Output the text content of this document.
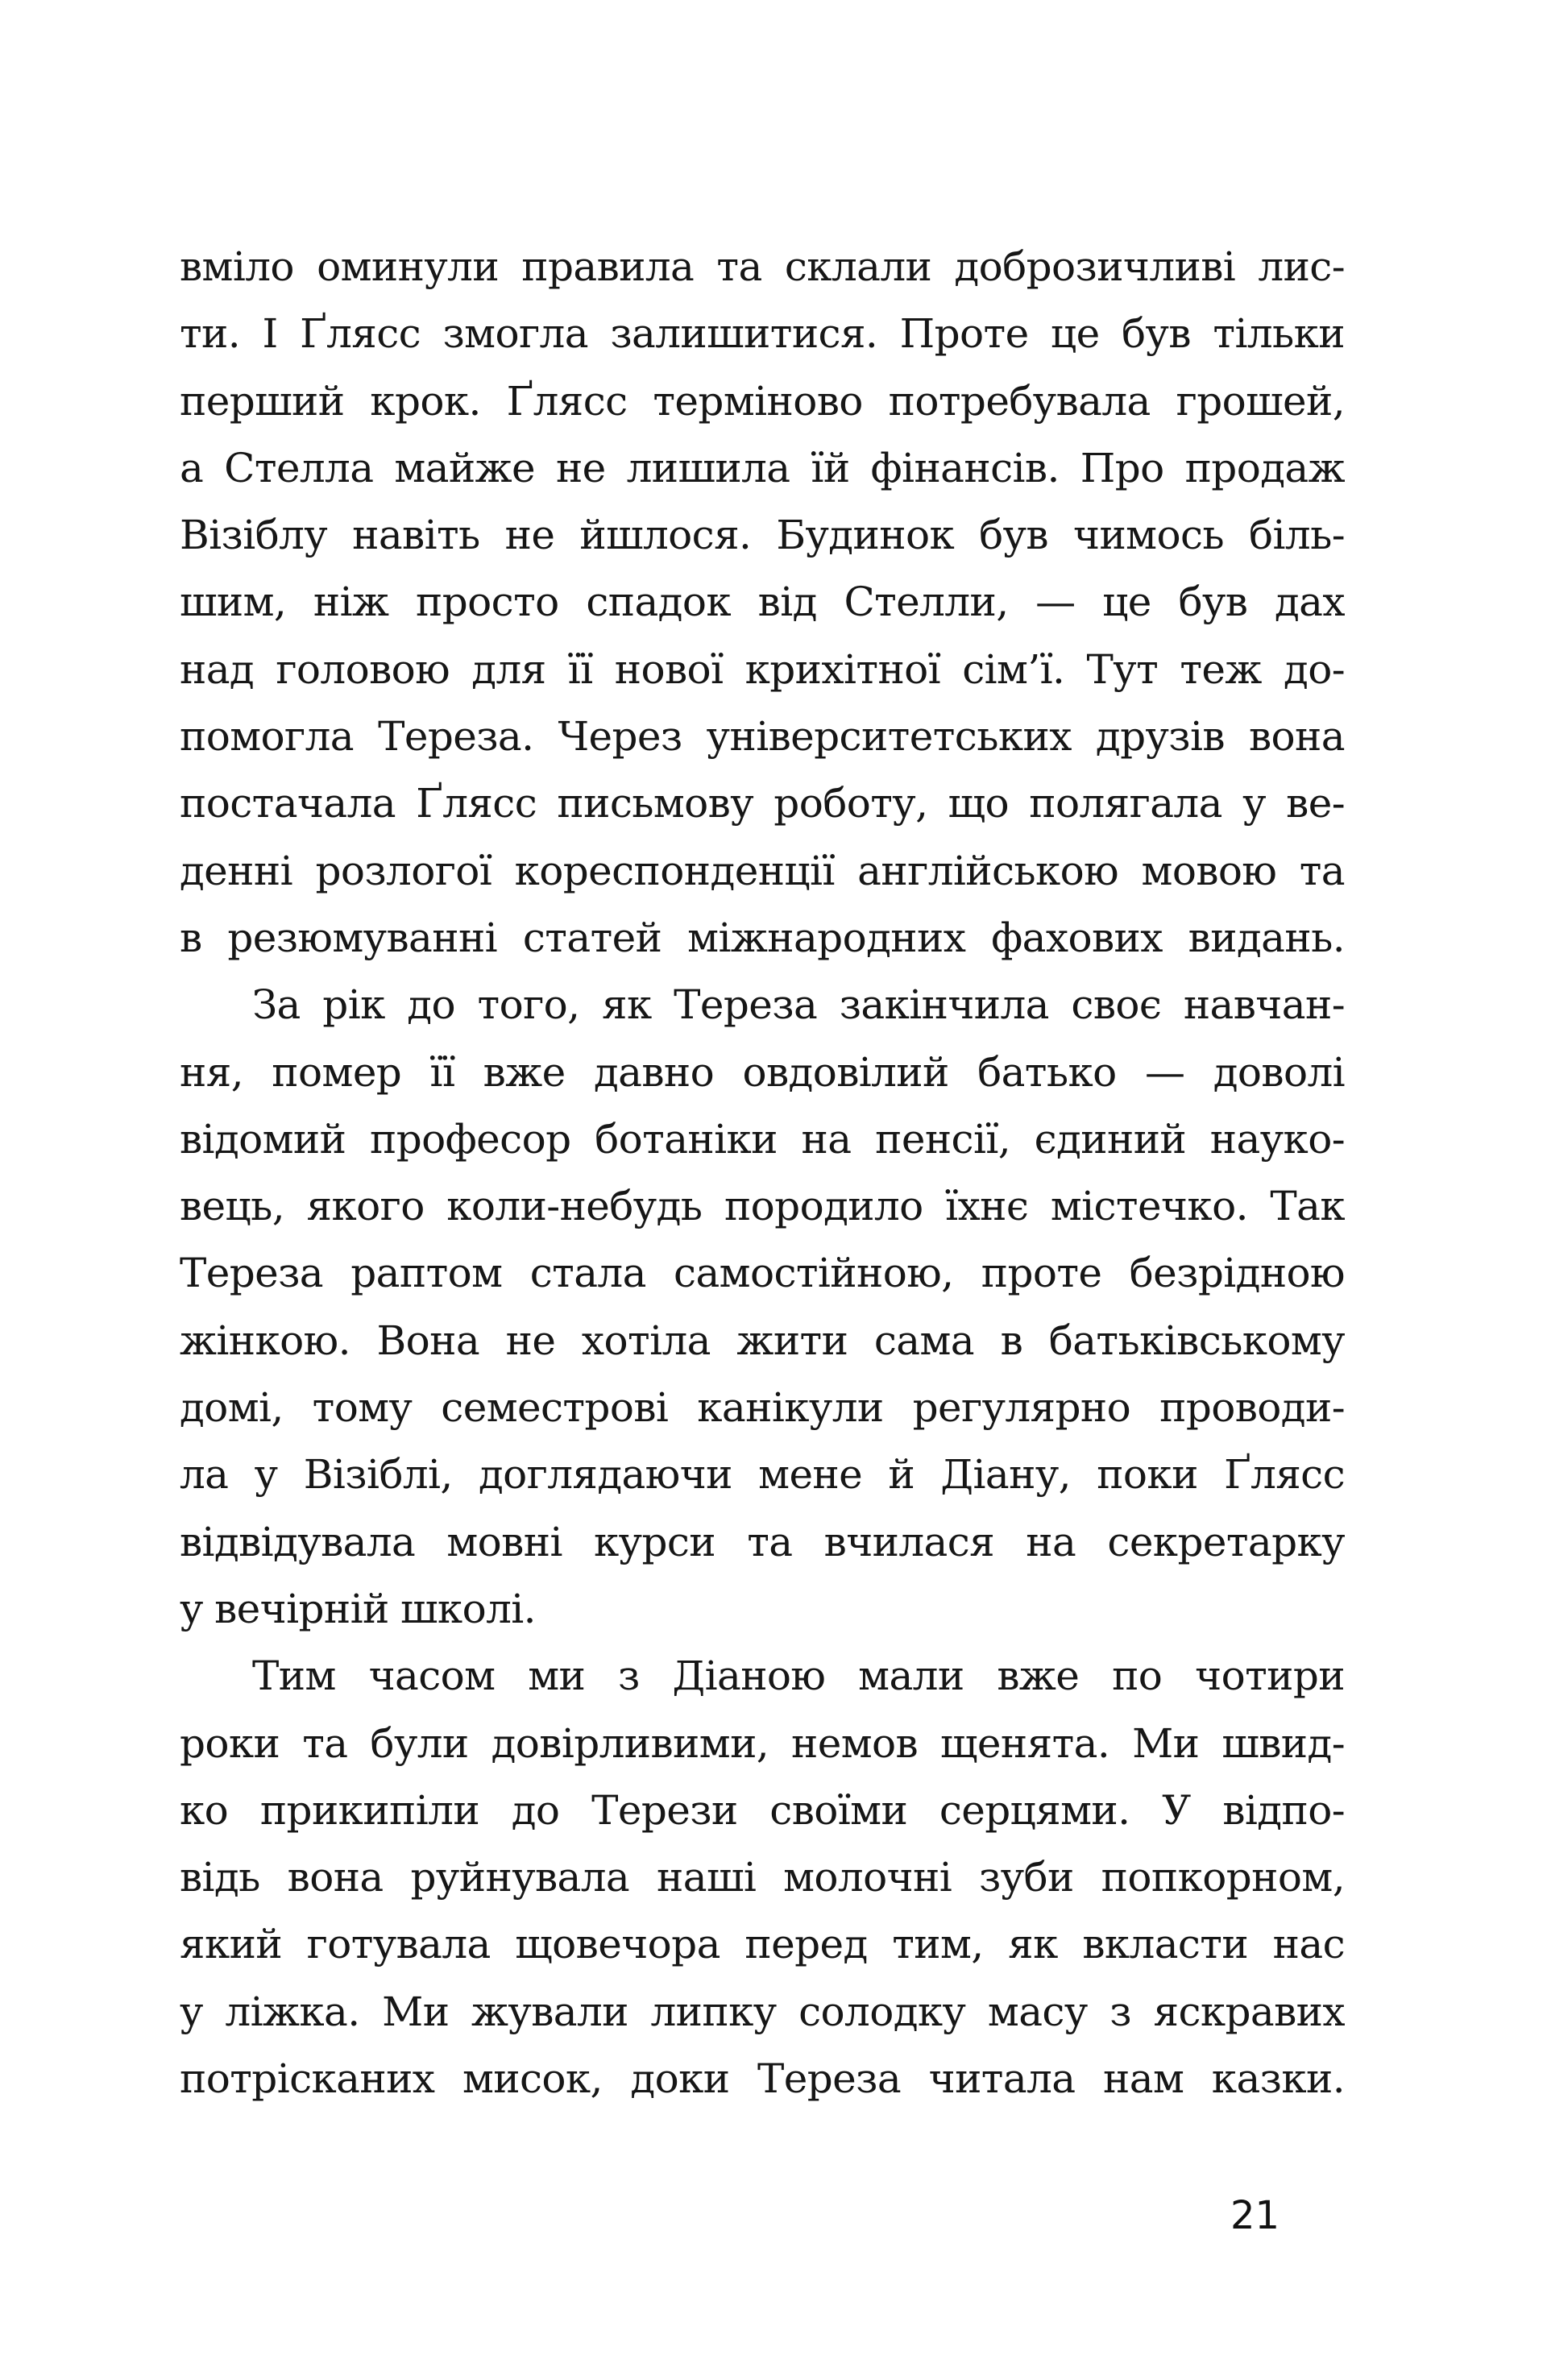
вміло оминули правила та склали доброзичливі лис-
ти. І Ґлясс змогла залишитися. Проте це був тільки
перший крок. Ґлясс терміново потребувала грошей,
а Стелла майже не лишила їй фінансів. Про продаж
Візіблу навіть не йшлося. Будинок був чимось біль-
шим, ніж просто спадок від Стелли, — це був дах
над головою для її нової крихітної сім’ї. Тут теж до-
помогла Тереза. Через університетських друзів вона
постачала Ґлясс письмову роботу, що полягала у ве-
денні розлогої кореспонденції англійською мовою та
в резюмуванні статей міжнародних фахових видань.
За рік до того, як Тереза закінчила своє навчан-
ня, помер її вже давно овдовілий батько — доволі
відомий професор ботаніки на пенсії, єдиний науко-
вець, якого коли-небудь породило їхнє містечко. Так
Тереза раптом стала самостійною, проте безрідною
жінкою. Вона не хотіла жити сама в батьківському
домі, тому семестрові канікули регулярно проводи-
ла у Візіблі, доглядаючи мене й Діану, поки Ґлясс
відвідувала мовні курси та вчилася на секретарку
у вечірній школі.
Тим часом ми з Діаною мали вже по чотири
роки та були довірливими, немов щенята. Ми швид-
ко прикипіли до Терези своїми серцями. У відпо-
відь вона руйнувала наші молочні зуби попкорном,
який готувала щовечора перед тим, як вкласти нас
у ліжка. Ми жували липку солодку масу з яскравих
потрісканих мисок, доки Тереза читала нам казки.
21
